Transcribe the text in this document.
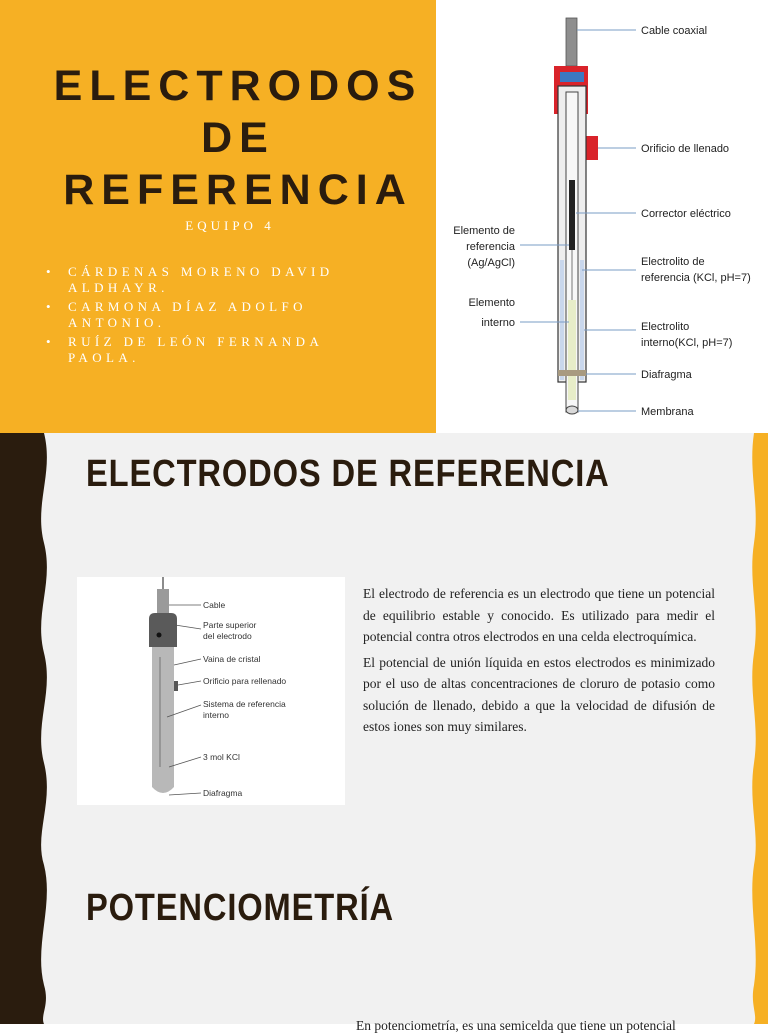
ELECTRODOS
DE REFERENCIA
EQUIPO 4
• CÁRDENAS MORENO DAVID ALDHAYR.
• CARMONA DÍAZ ADOLFO ANTONIO.
• RUÍZ DE LEÓN FERNANDA PAOLA.
Cable coaxial
Orificio de llenado
Corrector eléctrico
Elemento de
referencia
(Ag/AgCl)	Electrolito de
referencia (KCl, pH=7)
Elemento
interno	Electrolito
interno(KCl, pH=7)
Diafragma
Membrana
ELECTRODOS DE REFERENCIA
Cable
Parte superior
del electrodo
Vaina de cristal
Orificio para rellenado
Sistema de referencia
interno
3 mol KCl
Diafragma

El electrodo de referencia es un electrodo que tiene un potencial de equilibrio estable y conocido. Es utilizado para medir el potencial contra otros electrodos en una celda electroquímica.

El potencial de unión líquida en estos electrodos es minimizado por el uso de altas concentraciones de cloruro de potasio como solución de llenado, debido a que la velocidad de difusión de estos iones son muy similares.

POTENCIOMETRÍA
En potenciometría, es una semicelda que tiene un potencial
